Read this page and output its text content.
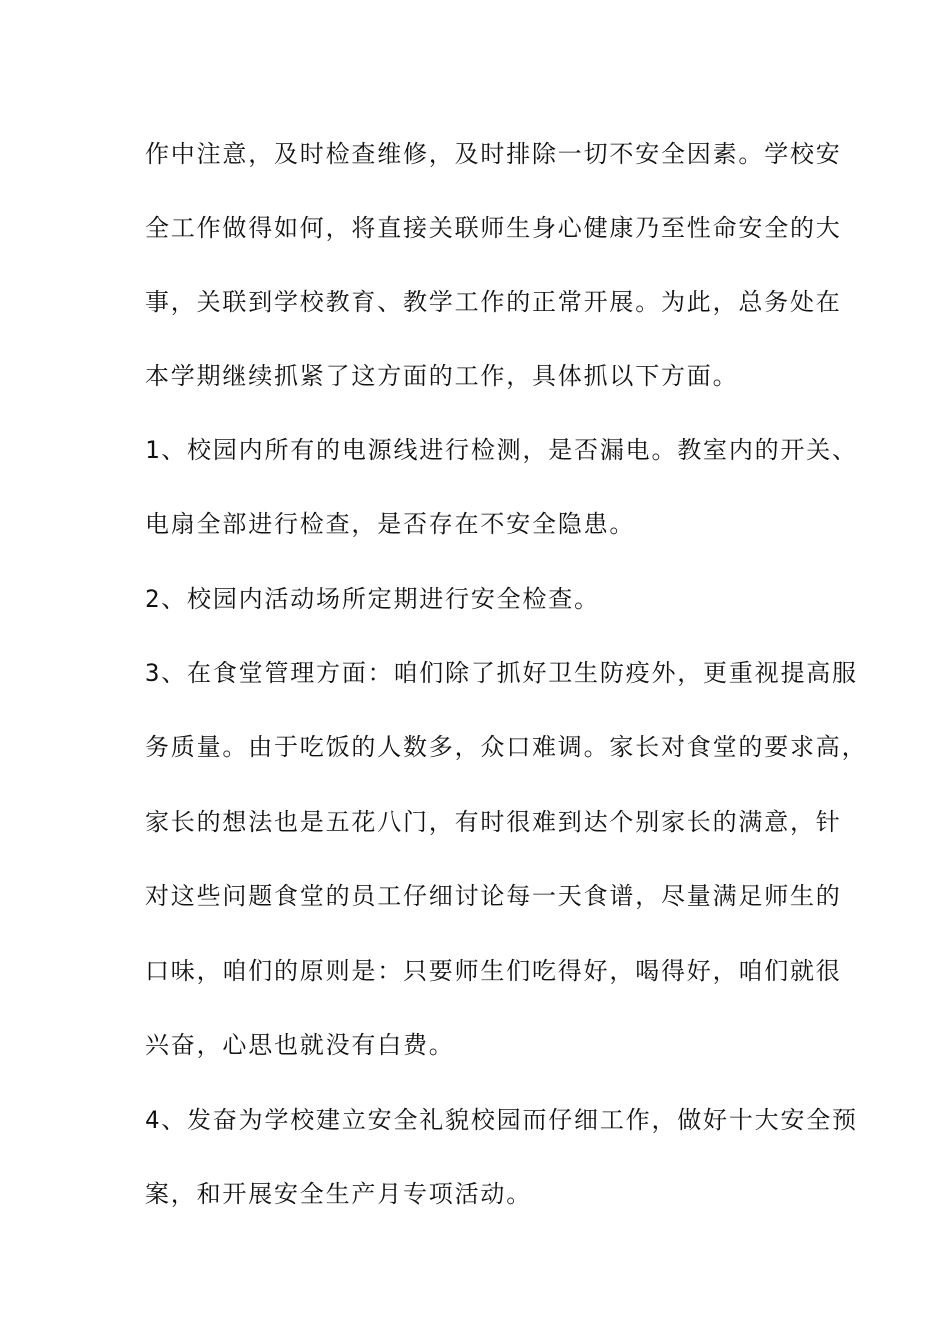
作中注意，及时检查维修，及时排除一切不安全因素。学校安

全工作做得如何，将直接关联师生身心健康乃至性命安全的大

事，关联到学校教育、教学工作的正常开展。为此，总务处在

本学期继续抓紧了这方面的工作，具体抓以下方面。

1、校园内所有的电源线进行检测，是否漏电。教室内的开关、

电扇全部进行检查，是否存在不安全隐患。

2、校园内活动场所定期进行安全检查。

3、在食堂管理方面：咱们除了抓好卫生防疫外，更重视提高服

务质量。由于吃饭的人数多，众口难调。家长对食堂的要求高，

家长的想法也是五花八门，有时很难到达个别家长的满意，针

对这些问题食堂的员工仔细讨论每一天食谱，尽量满足师生的

口味，咱们的原则是：只要师生们吃得好，喝得好，咱们就很

兴奋，心思也就没有白费。

4、发奋为学校建立安全礼貌校园而仔细工作，做好十大安全预

案，和开展安全生产月专项活动。
